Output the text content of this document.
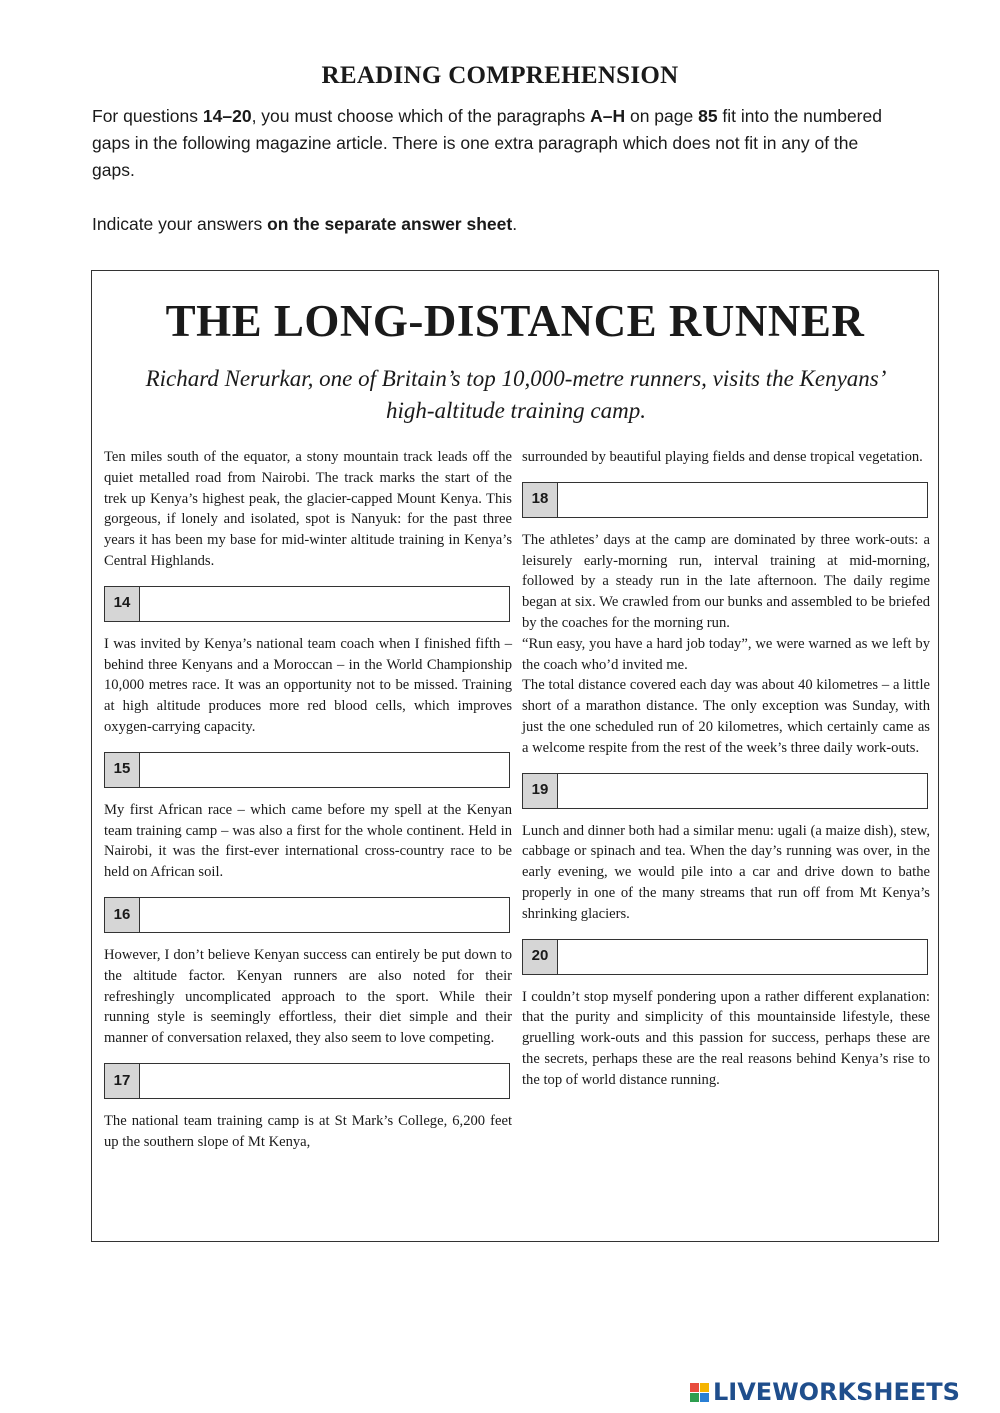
READING COMPREHENSION

For questions 14–20, you must choose which of the paragraphs A–H on page 85 fit into the numbered gaps in the following magazine article. There is one extra paragraph which does not fit in any of the gaps.

Indicate your answers on the separate answer sheet.

THE LONG-DISTANCE RUNNER
Richard Nerurkar, one of Britain’s top 10,000-metre runners, visits the Kenyans’ high-altitude training camp.

Ten miles south of the equator, a stony mountain track leads off the quiet metalled road from Nairobi. The track marks the start of the trek up Kenya’s highest peak, the glacier-capped Mount Kenya. This gorgeous, if lonely and isolated, spot is Nanyuk: for the past three years it has been my base for mid-winter altitude training in Kenya’s Central Highlands.

14

I was invited by Kenya’s national team coach when I finished fifth – behind three Kenyans and a Moroccan – in the World Championship 10,000 metres race. It was an opportunity not to be missed. Training at high altitude produces more red blood cells, which improves oxygen-carrying capacity.

15

My first African race – which came before my spell at the Kenyan team training camp – was also a first for the whole continent. Held in Nairobi, it was the first-ever international cross-country race to be held on African soil.

16

However, I don’t believe Kenyan success can entirely be put down to the altitude factor. Kenyan runners are also noted for their refreshingly uncomplicated approach to the sport. While their running style is seemingly effortless, their diet simple and their manner of conversation relaxed, they also seem to love competing.

17

The national team training camp is at St Mark’s College, 6,200 feet up the southern slope of Mt Kenya,

surrounded by beautiful playing fields and dense tropical vegetation.

18

The athletes’ days at the camp are dominated by three work-outs: a leisurely early-morning run, interval training at mid-morning, followed by a steady run in the late afternoon. The daily regime began at six. We crawled from our bunks and assembled to be briefed by the coaches for the morning run.

“Run easy, you have a hard job today”, we were warned as we left by the coach who’d invited me.

The total distance covered each day was about 40 kilometres – a little short of a marathon distance. The only exception was Sunday, with just the one scheduled run of 20 kilometres, which certainly came as a welcome respite from the rest of the week’s three daily work-outs.

19

Lunch and dinner both had a similar menu: ugali (a maize dish), stew, cabbage or spinach and tea. When the day’s running was over, in the early evening, we would pile into a car and drive down to bathe properly in one of the many streams that run off from Mt Kenya’s shrinking glaciers.

20

I couldn’t stop myself pondering upon a rather different explanation: that the purity and simplicity of this mountainside lifestyle, these gruelling work-outs and this passion for success, perhaps these are the secrets, perhaps these are the real reasons behind Kenya’s rise to the top of world distance running.

LIVEWORKSHEETS
